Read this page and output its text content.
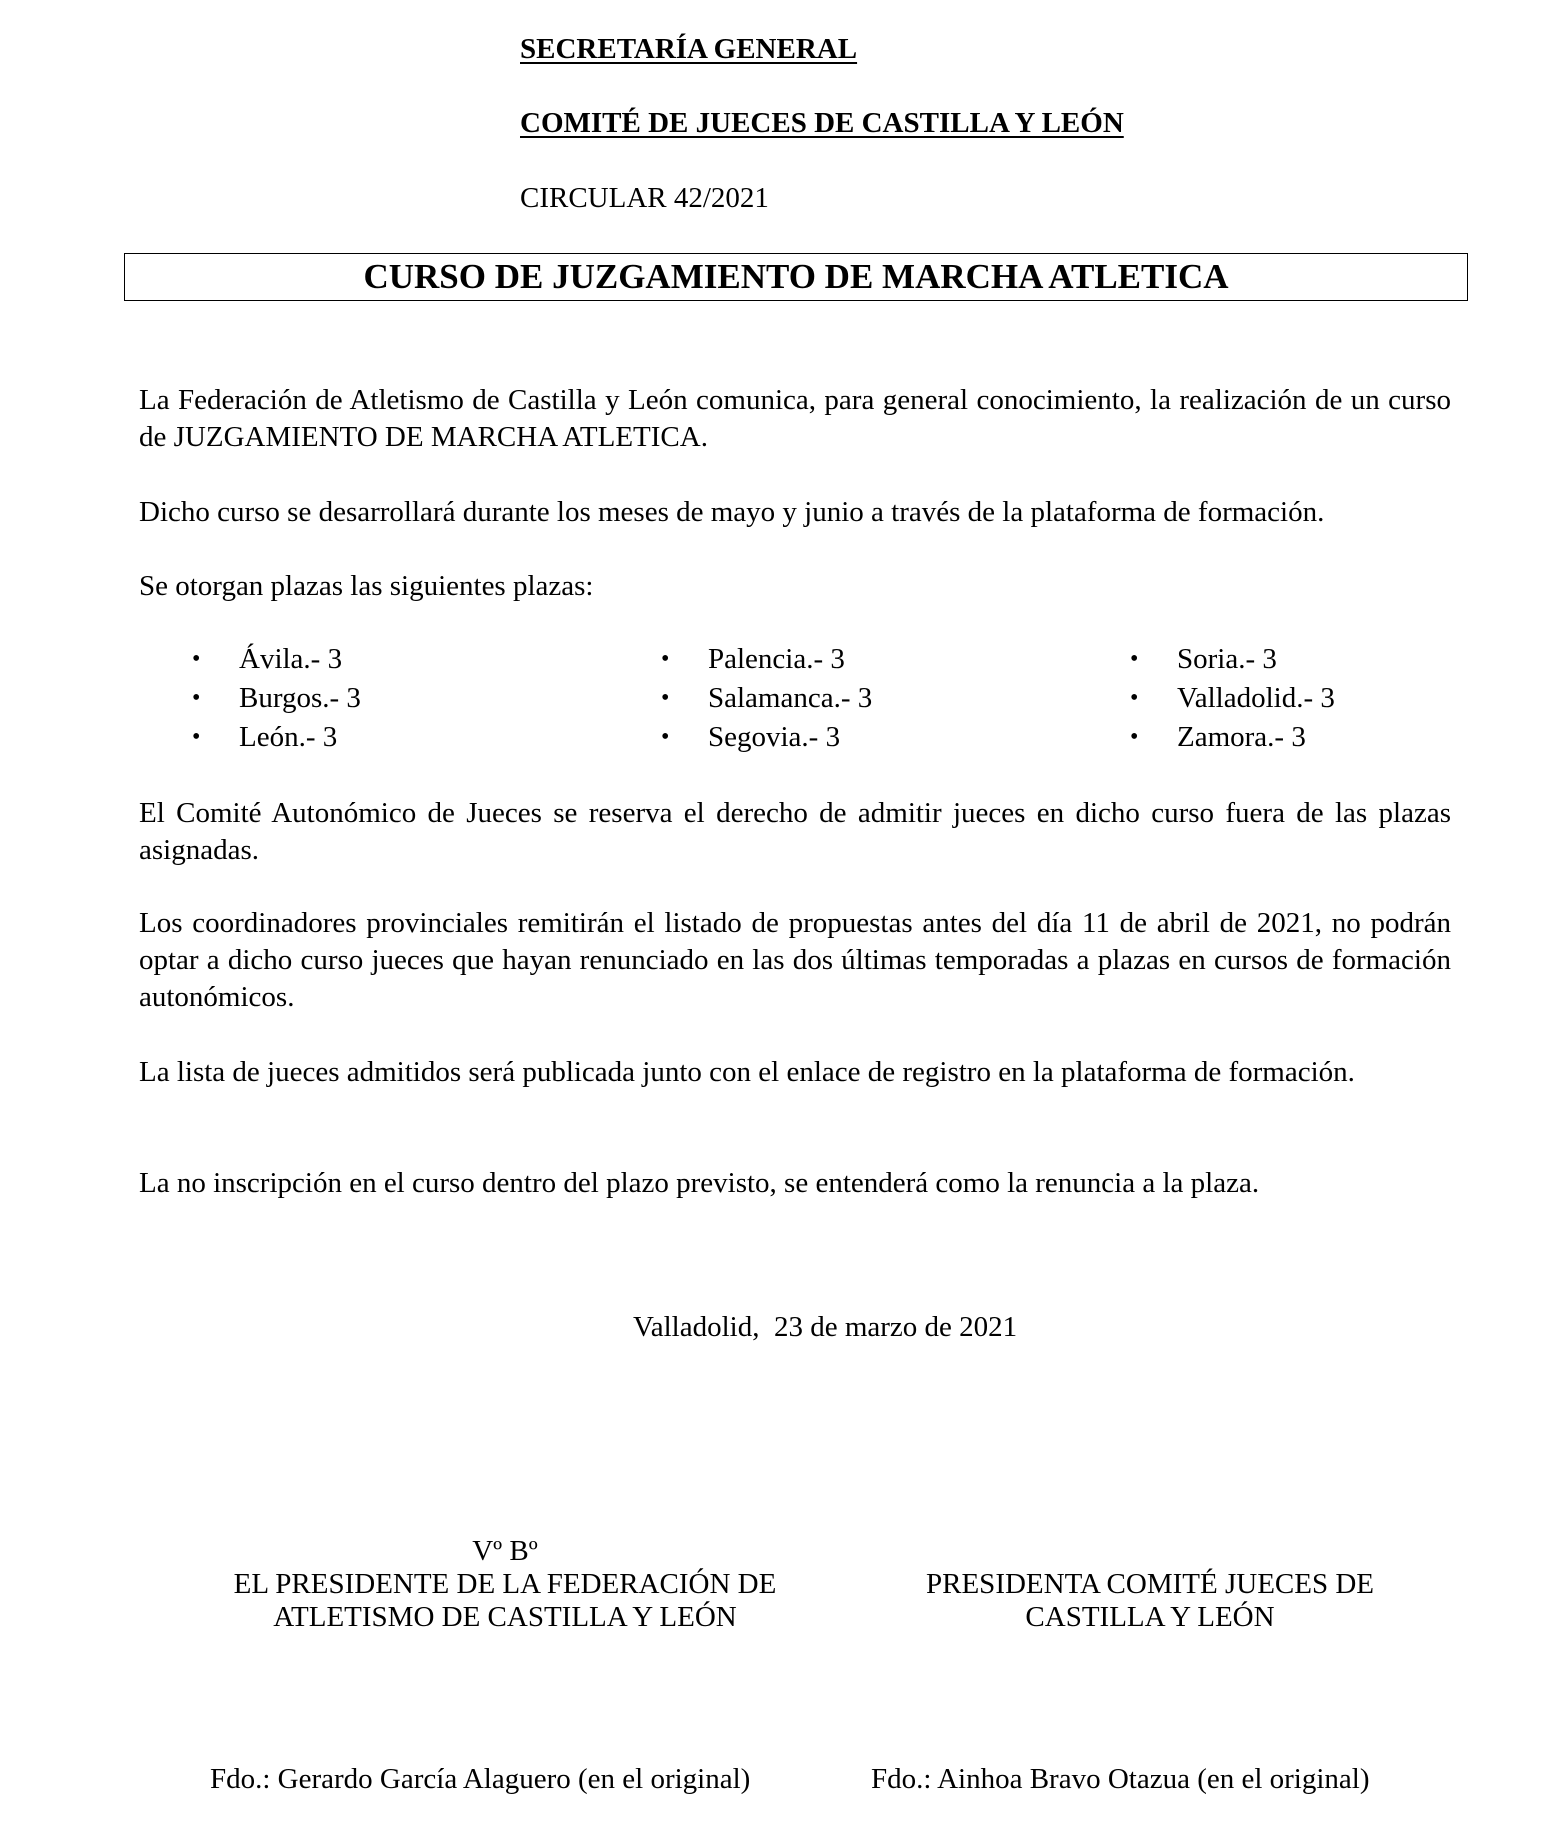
SECRETARÍA GENERAL
COMITÉ DE JUECES DE CASTILLA Y LEÓN
CIRCULAR 42/2021
CURSO DE JUZGAMIENTO DE MARCHA ATLETICA
La Federación de Atletismo de Castilla y León comunica, para general conocimiento, la realización de un curso de JUZGAMIENTO DE MARCHA ATLETICA.
Dicho curso se desarrollará durante los meses de mayo y junio a través de la plataforma de formación.
Se otorgan plazas las siguientes plazas:
• Ávila.- 3
• Burgos.- 3
• León.- 3
• Palencia.- 3
• Salamanca.- 3
• Segovia.- 3
• Soria.- 3
• Valladolid.- 3
• Zamora.- 3
El Comité Autonómico de Jueces se reserva el derecho de admitir jueces en dicho curso fuera de las plazas asignadas.
Los coordinadores provinciales remitirán el listado de propuestas antes del día 11 de abril de 2021, no podrán optar a dicho curso jueces que hayan renunciado en las dos últimas temporadas a plazas en cursos de formación autonómicos.
La lista de jueces admitidos será publicada junto con el enlace de registro en la plataforma de formación.
La no inscripción en el curso dentro del plazo previsto, se entenderá como la renuncia a la plaza.
Valladolid,  23 de marzo de 2021
Vº Bº
EL PRESIDENTE DE LA FEDERACIÓN DE
ATLETISMO DE CASTILLA Y LEÓN
PRESIDENTA COMITÉ JUECES DE
CASTILLA Y LEÓN
Fdo.: Gerardo García Alaguero (en el original)	Fdo.: Ainhoa Bravo Otazua (en el original)
